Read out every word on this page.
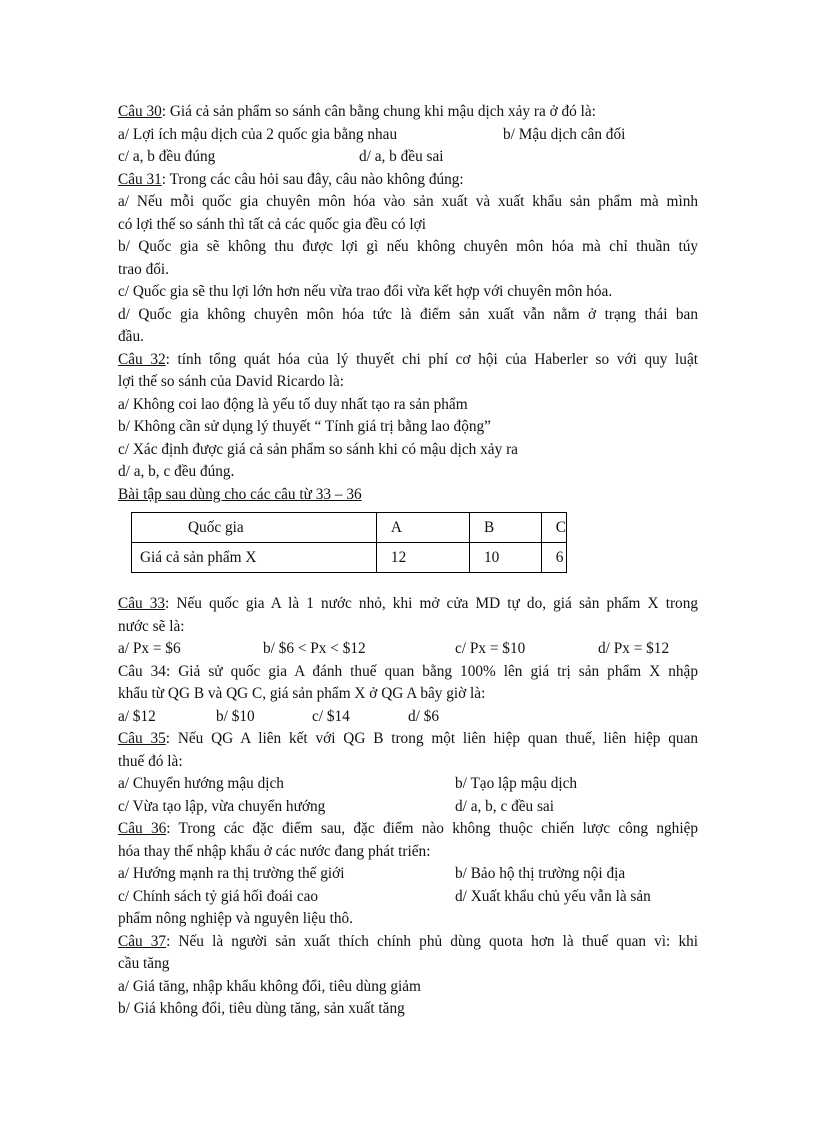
Câu 30: Giá cả sản phẩm so sánh cân bằng chung khi mậu dịch xảy ra ở đó là:
a/ Lợi ích mậu dịch của 2 quốc gia bằng nhau	b/ Mậu dịch cân đối
c/ a, b đều đúng	d/ a, b đều sai
Câu 31: Trong các câu hỏi sau đây, câu nào không đúng:
a/ Nếu mỗi quốc gia chuyên môn hóa vào sản xuất và xuất khẩu sản phẩm mà mình
có lợi thế so sánh thì tất cả các quốc gia đều có lợi
b/ Quốc gia sẽ không thu được lợi gì nếu không chuyên môn hóa mà chỉ thuần túy
trao đổi.
c/ Quốc gia sẽ thu lợi lớn hơn nếu vừa trao đổi vừa kết hợp với chuyên môn hóa.
d/ Quốc gia không chuyên môn hóa tức là điểm sản xuất vẫn nằm ở trạng thái ban
đầu.
Câu 32: tính tổng quát hóa của lý thuyết chi phí cơ hội của Haberler so với quy luật
lợi thế so sánh của David Ricardo là:
a/ Không coi lao động là yếu tố duy nhất tạo ra sản phẩm
b/ Không cần sử dụng lý thuyết “ Tính giá trị bằng lao động”
c/ Xác định được giá cả sản phẩm so sánh khi có mậu dịch xảy ra
d/ a, b, c đều đúng.
Bài tập sau dùng cho các câu từ 33 – 36
Quốc gia	A	B	C
Giá cả sản phẩm X	12	10	6
Câu 33: Nếu quốc gia A là 1 nước nhỏ, khi mở cửa MD tự do, giá sản phẩm X trong
nước sẽ là:
a/ Px = $6	b/ $6 < Px < $12	c/ Px = $10	d/ Px = $12
Câu 34: Giả sử quốc gia A đánh thuế quan bằng 100% lên giá trị sản phẩm X nhập
khẩu từ QG B và QG C, giá sản phẩm X ở QG A bây giờ là:
a/ $12	b/ $10	c/ $14	d/ $6
Câu 35: Nếu QG A liên kết với QG B trong một liên hiệp quan thuế, liên hiệp quan
thuế đó là:
a/ Chuyển hướng mậu dịch	b/ Tạo lập mậu dịch
c/ Vừa tạo lập, vừa chuyển hướng	d/ a, b, c đều sai
Câu 36: Trong các đặc điểm sau, đặc điểm nào không thuộc chiến lược công nghiệp
hóa thay thế nhập khẩu ở các nước đang phát triển:
a/ Hướng mạnh ra thị trường thế giới	b/ Bảo hộ thị trường nội địa
c/ Chính sách tỷ giá hối đoái cao	d/ Xuất khẩu chủ yếu vẫn là sản
phẩm nông nghiệp và nguyên liệu thô.
Câu 37: Nếu là người sản xuất thích chính phủ dùng quota hơn là thuế quan vì: khi
cầu tăng
a/ Giá tăng, nhập khẩu không đổi, tiêu dùng giảm
b/ Giá không đổi, tiêu dùng tăng, sản xuất tăng
